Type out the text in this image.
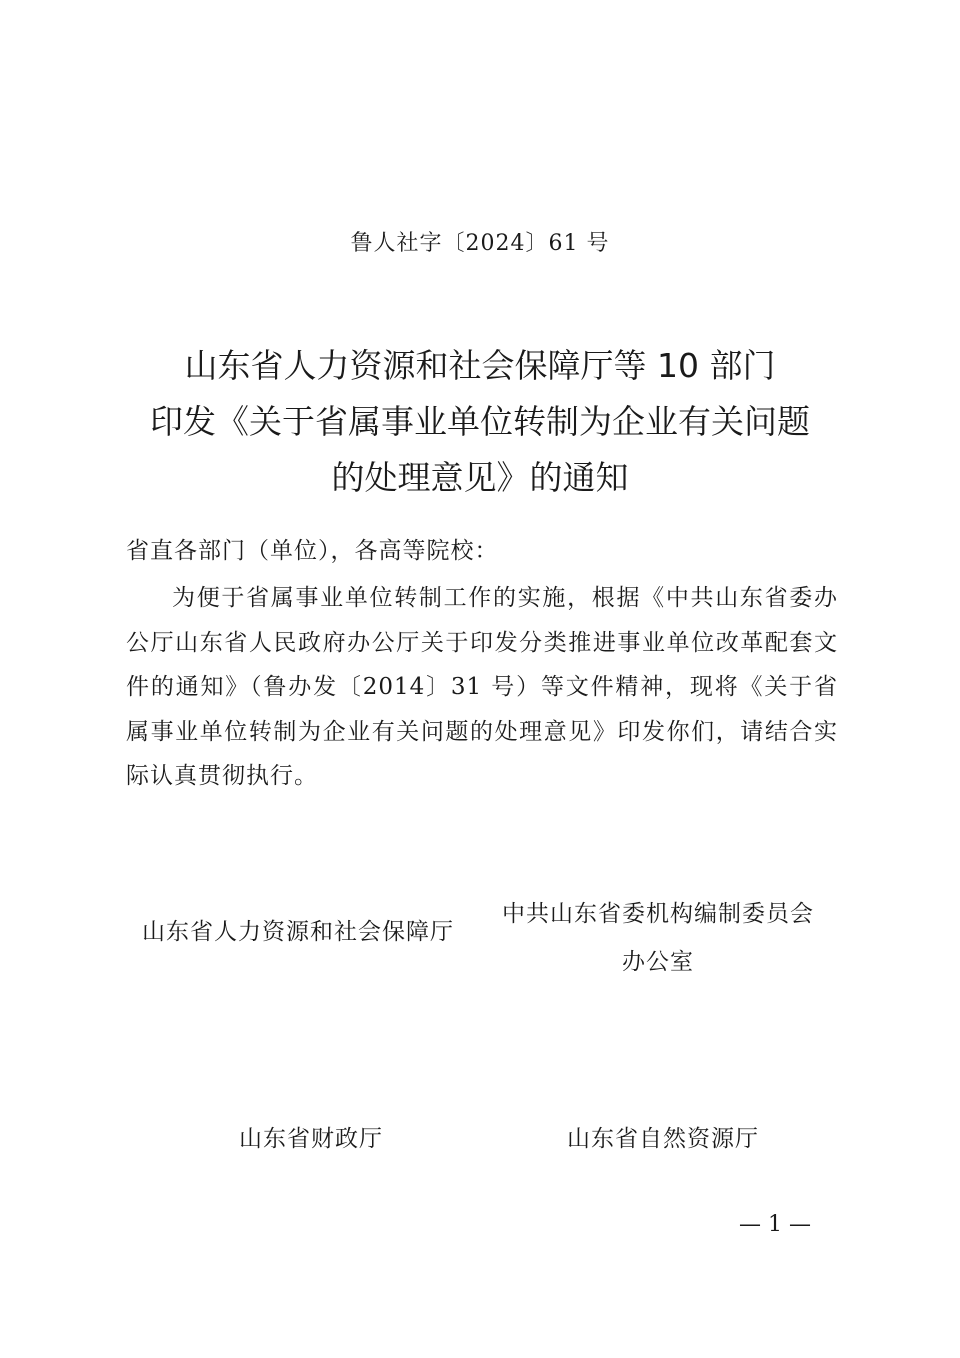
鲁人社字〔2024〕61 号
山东省人力资源和社会保障厅等 10 部门
印发《关于省属事业单位转制为企业有关问题
的处理意见》的通知
省直各部门（单位），各高等院校：

为便于省属事业单位转制工作的实施，根据《中共山东省委办公厅山东省人民政府办公厅关于印发分类推进事业单位改革配套文件的通知》（鲁办发〔2014〕31 号）等文件精神，现将《关于省属事业单位转制为企业有关问题的处理意见》印发你们，请结合实际认真贯彻执行。

山东省人力资源和社会保障厅
中共山东省委机构编制委员会
办公室
山东省财政厅	山东省自然资源厅
— 1 —
